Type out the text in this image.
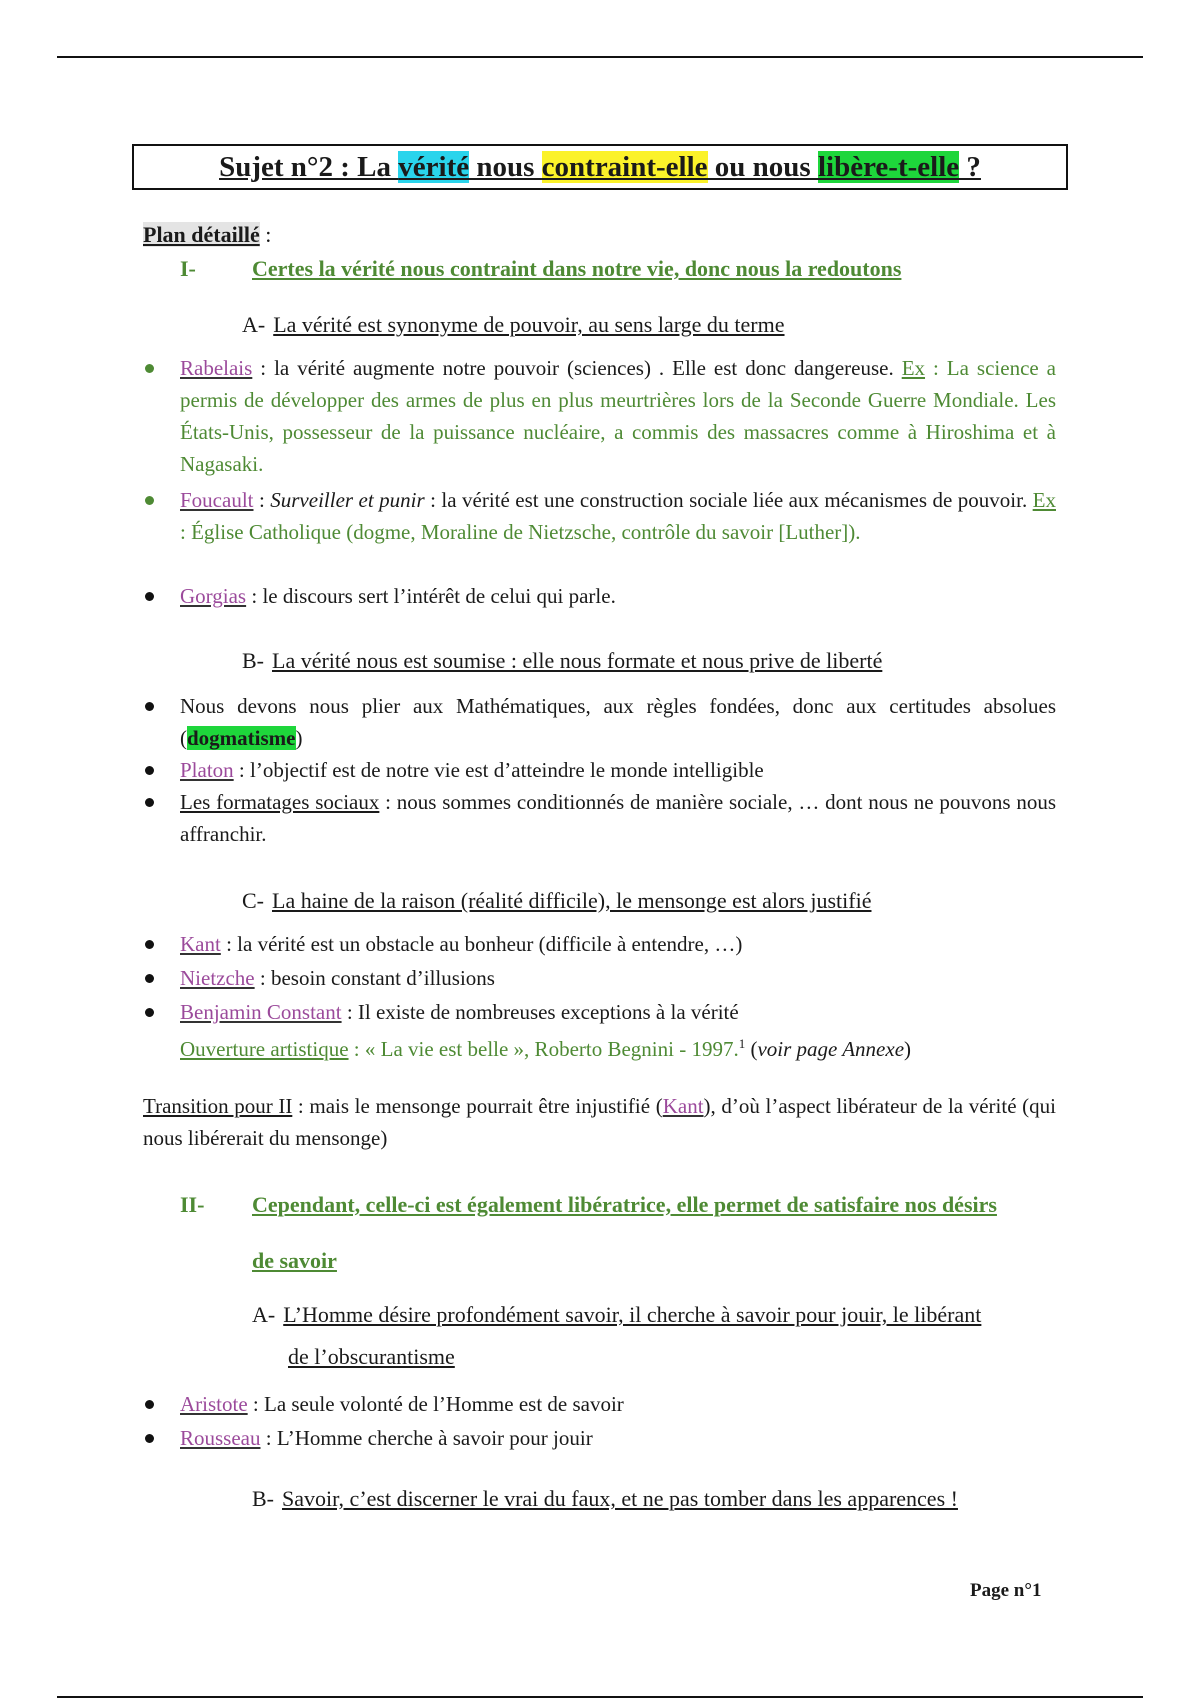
Sujet n°2 : La vérité nous contraint-elle ou nous libère-t-elle ?
Plan détaillé :
I-	Certes la vérité nous contraint dans notre vie, donc nous la redoutons
A- La vérité est synonyme de pouvoir, au sens large du terme
Rabelais : la vérité augmente notre pouvoir (sciences) . Elle est donc dangereuse. Ex : La science a permis de développer des armes de plus en plus meurtrières lors de la Seconde Guerre Mondiale. Les États-Unis, possesseur de la puissance nucléaire, a commis des massacres comme à Hiroshima et à Nagasaki.
Foucault : Surveiller et punir : la vérité est une construction sociale liée aux mécanismes de pouvoir. Ex : Église Catholique (dogme, Moraline de Nietzsche, contrôle du savoir [Luther]).
Gorgias : le discours sert l’intérêt de celui qui parle.
B- La vérité nous est soumise : elle nous formate et nous prive de liberté
Nous devons nous plier aux Mathématiques, aux règles fondées, donc aux certitudes absolues (dogmatisme)
Platon : l’objectif est de notre vie est d’atteindre le monde intelligible
Les formatages sociaux : nous sommes conditionnés de manière sociale, … dont nous ne pouvons nous affranchir.
C- La haine de la raison (réalité difficile), le mensonge est alors justifié
Kant : la vérité est un obstacle au bonheur (difficile à entendre, …)
Nietzche : besoin constant d’illusions
Benjamin Constant : Il existe de nombreuses exceptions à la vérité
Ouverture artistique : « La vie est belle », Roberto Begnini - 1997.$^1$ (voir page Annexe)
Transition pour II : mais le mensonge pourrait être injustifié (Kant), d’où l’aspect libérateur de la vérité (qui nous libérerait du mensonge)
II- Cependant, celle-ci est également libératrice, elle permet de satisfaire nos désirs
de savoir
A- L’Homme désire profondément savoir, il cherche à savoir pour jouir, le libérant
de l’obscurantisme
Aristote : La seule volonté de l’Homme est de savoir
Rousseau : L’Homme cherche à savoir pour jouir
B- Savoir, c’est discerner le vrai du faux, et ne pas tomber dans les apparences !
Page n°1
